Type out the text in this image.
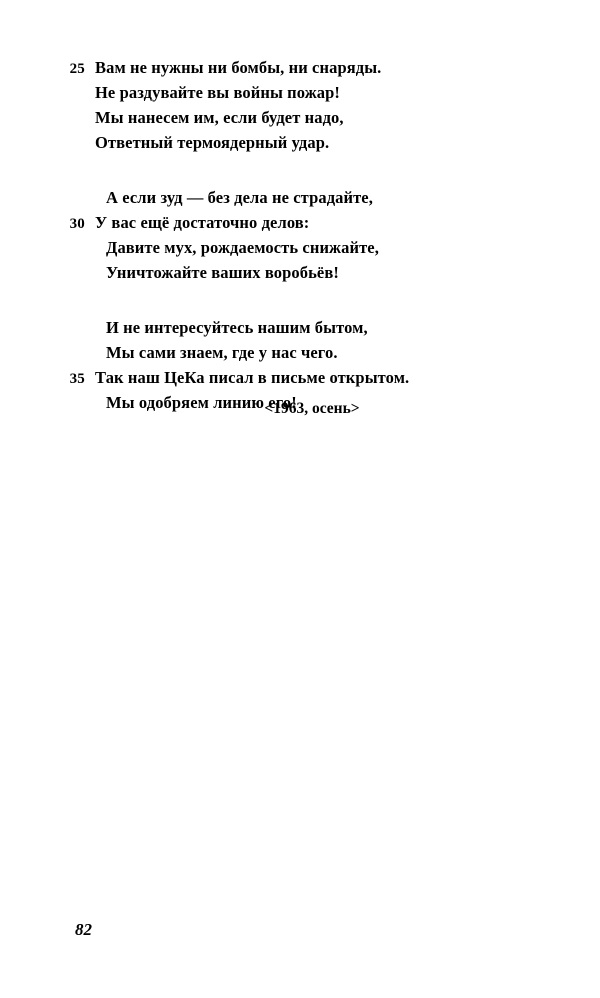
25 Вам не нужны ни бомбы, ни снаряды.
Не раздувайте вы войны пожар!
Мы нанесем им, если будет надо,
Ответный термоядерный удар.
А если зуд — без дела не страдайте,
30 У вас ещё достаточно делов:
Давите мух, рождаемость снижайте,
Уничтожайте ваших воробьёв!
И не интересуйтесь нашим бытом,
Мы сами знаем, где у нас чего.
35 Так наш ЦеКа писал в письме открытом.
Мы одобряем линию его!
<1963, осень>
82
